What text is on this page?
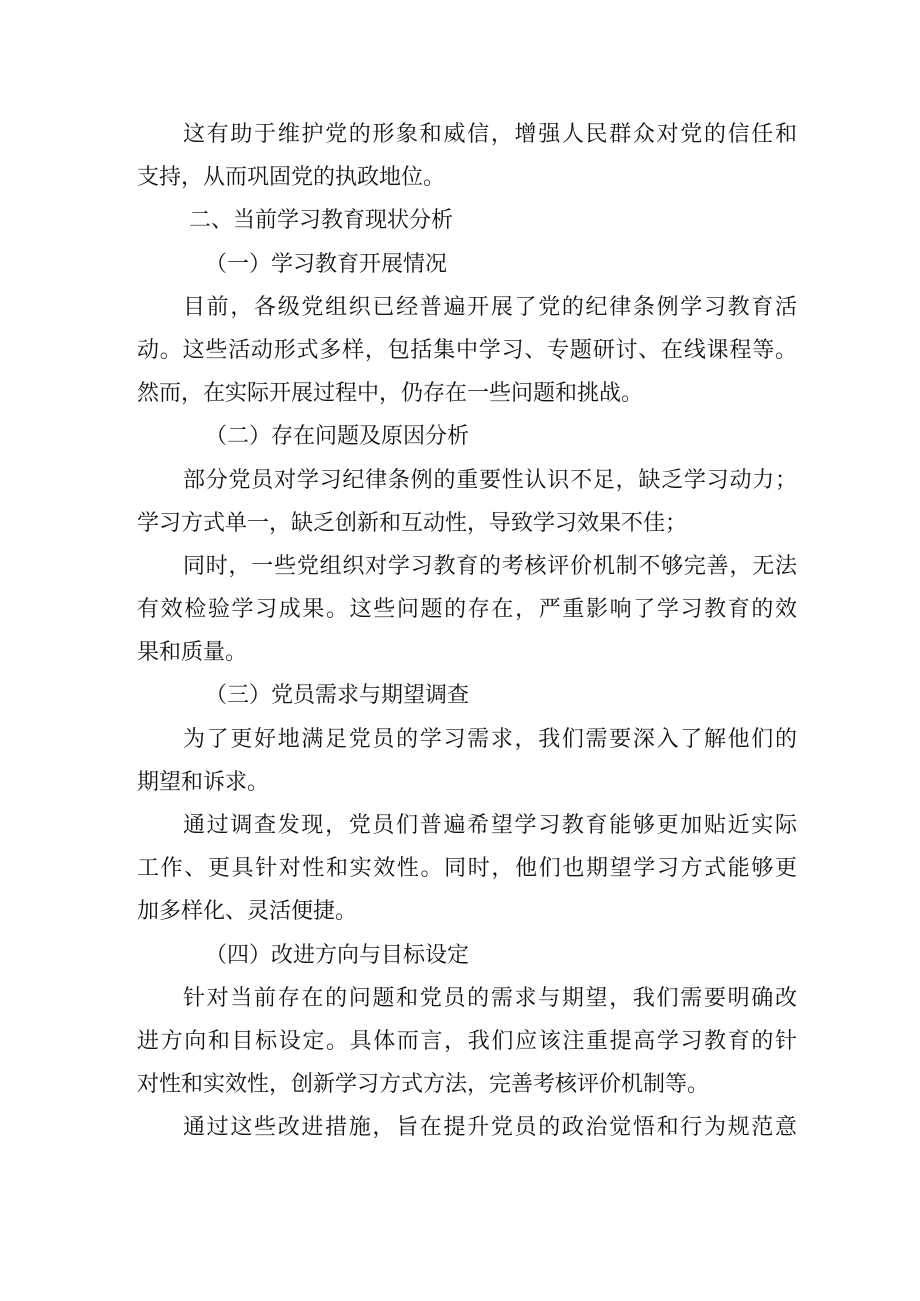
这有助于维护党的形象和威信，增强人民群众对党的信任和
支持，从而巩固党的执政地位。
二、当前学习教育现状分析
（一）学习教育开展情况
目前，各级党组织已经普遍开展了党的纪律条例学习教育活
动。这些活动形式多样，包括集中学习、专题研讨、在线课程等。
然而，在实际开展过程中，仍存在一些问题和挑战。
（二）存在问题及原因分析
部分党员对学习纪律条例的重要性认识不足，缺乏学习动力；
学习方式单一，缺乏创新和互动性，导致学习效果不佳；
同时，一些党组织对学习教育的考核评价机制不够完善，无法
有效检验学习成果。这些问题的存在，严重影响了学习教育的效
果和质量。
（三）党员需求与期望调查
为了更好地满足党员的学习需求，我们需要深入了解他们的
期望和诉求。
通过调查发现，党员们普遍希望学习教育能够更加贴近实际
工作、更具针对性和实效性。同时，他们也期望学习方式能够更
加多样化、灵活便捷。
（四）改进方向与目标设定
针对当前存在的问题和党员的需求与期望，我们需要明确改
进方向和目标设定。具体而言，我们应该注重提高学习教育的针
对性和实效性，创新学习方式方法，完善考核评价机制等。
通过这些改进措施，旨在提升党员的政治觉悟和行为规范意
